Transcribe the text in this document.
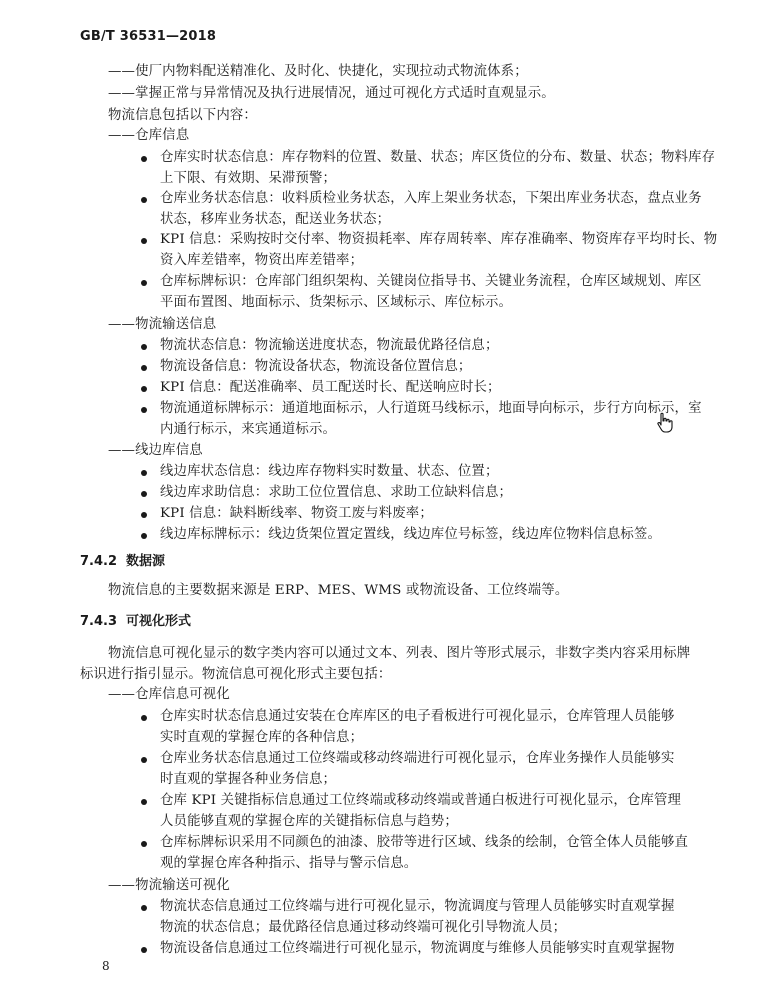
GB/T 36531—2018
——使厂内物料配送精准化、及时化、快捷化，实现拉动式物流体系；
——掌握正常与异常情况及执行进展情况，通过可视化方式适时直观显示。
物流信息包括以下内容：
——仓库信息
仓库实时状态信息：库存物料的位置、数量、状态；库区货位的分布、数量、状态；物料库存
上下限、有效期、呆滞预警；
仓库业务状态信息：收料质检业务状态，入库上架业务状态，下架出库业务状态，盘点业务
状态，移库业务状态，配送业务状态；
KPI 信息：采购按时交付率、物资损耗率、库存周转率、库存准确率、物资库存平均时长、物
资入库差错率，物资出库差错率；
仓库标牌标识：仓库部门组织架构、关键岗位指导书、关键业务流程，仓库区域规划、库区
平面布置图、地面标示、货架标示、区域标示、库位标示。
——物流输送信息
物流状态信息：物流输送进度状态，物流最优路径信息；
物流设备信息：物流设备状态，物流设备位置信息；
KPI 信息：配送准确率、员工配送时长、配送响应时长；
物流通道标牌标示：通道地面标示，人行道斑马线标示，地面导向标示，步行方向标示，室
内通行标示，来宾通道标示。
——线边库信息
线边库状态信息：线边库存物料实时数量、状态、位置；
线边库求助信息：求助工位位置信息、求助工位缺料信息；
KPI 信息：缺料断线率、物资工废与料废率；
线边库标牌标示：线边货架位置定置线，线边库位号标签，线边库位物料信息标签。
7.4.2 数据源
物流信息的主要数据来源是 ERP、MES、WMS 或物流设备、工位终端等。
7.4.3 可视化形式
物流信息可视化显示的数字类内容可以通过文本、列表、图片等形式展示，非数字类内容采用标牌
标识进行指引显示。物流信息可视化形式主要包括：
——仓库信息可视化
仓库实时状态信息通过安装在仓库库区的电子看板进行可视化显示，仓库管理人员能够
实时直观的掌握仓库的各种信息；
仓库业务状态信息通过工位终端或移动终端进行可视化显示，仓库业务操作人员能够实
时直观的掌握各种业务信息；
仓库 KPI 关键指标信息通过工位终端或移动终端或普通白板进行可视化显示，仓库管理
人员能够直观的掌握仓库的关键指标信息与趋势；
仓库标牌标识采用不同颜色的油漆、胶带等进行区域、线条的绘制，仓管全体人员能够直
观的掌握仓库各种指示、指导与警示信息。
——物流输送可视化
物流状态信息通过工位终端与进行可视化显示，物流调度与管理人员能够实时直观掌握
物流的状态信息；最优路径信息通过移动终端可视化引导物流人员；
物流设备信息通过工位终端进行可视化显示，物流调度与维修人员能够实时直观掌握物
8
